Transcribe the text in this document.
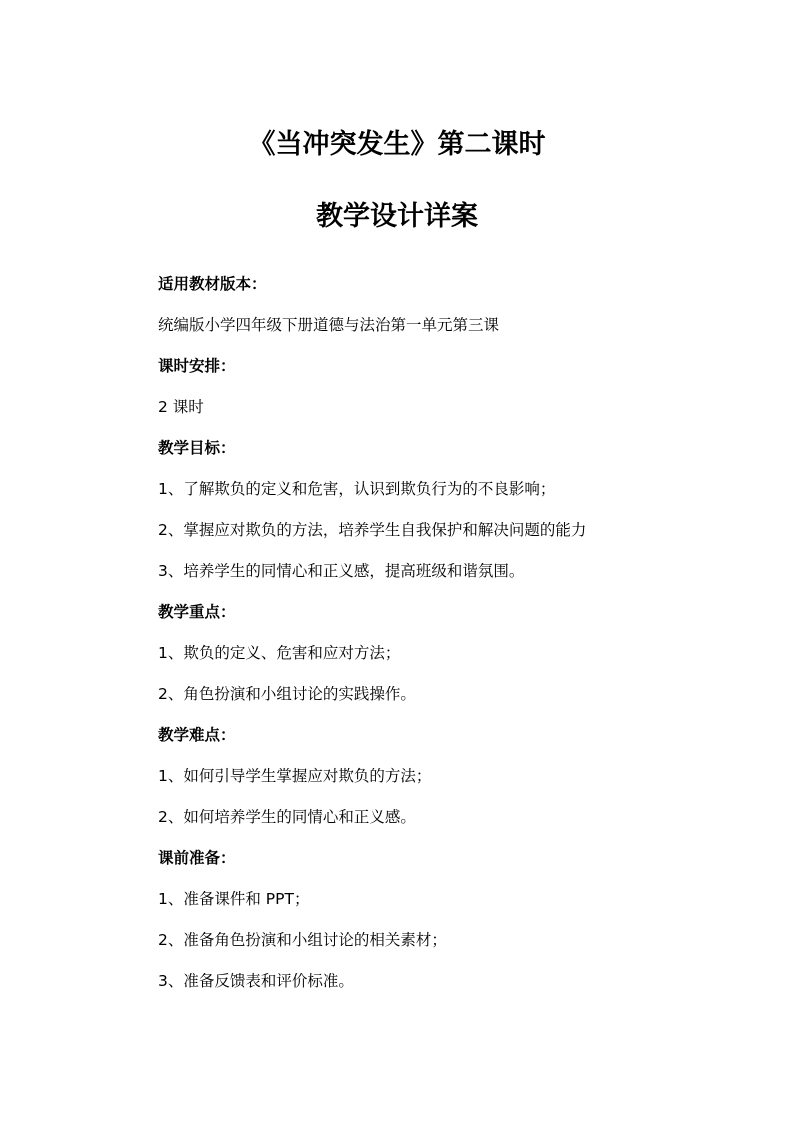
《当冲突发生》第二课时
教学设计详案
适用教材版本：
统编版小学四年级下册道德与法治第一单元第三课
课时安排：
2 课时
教学目标：
1、了解欺负的定义和危害，认识到欺负行为的不良影响；
2、掌握应对欺负的方法，培养学生自我保护和解决问题的能力
3、培养学生的同情心和正义感，提高班级和谐氛围。
教学重点：
1、欺负的定义、危害和应对方法；
2、角色扮演和小组讨论的实践操作。
教学难点：
1、如何引导学生掌握应对欺负的方法；
2、如何培养学生的同情心和正义感。
课前准备：
1、准备课件和 PPT；
2、准备角色扮演和小组讨论的相关素材；
3、准备反馈表和评价标准。
